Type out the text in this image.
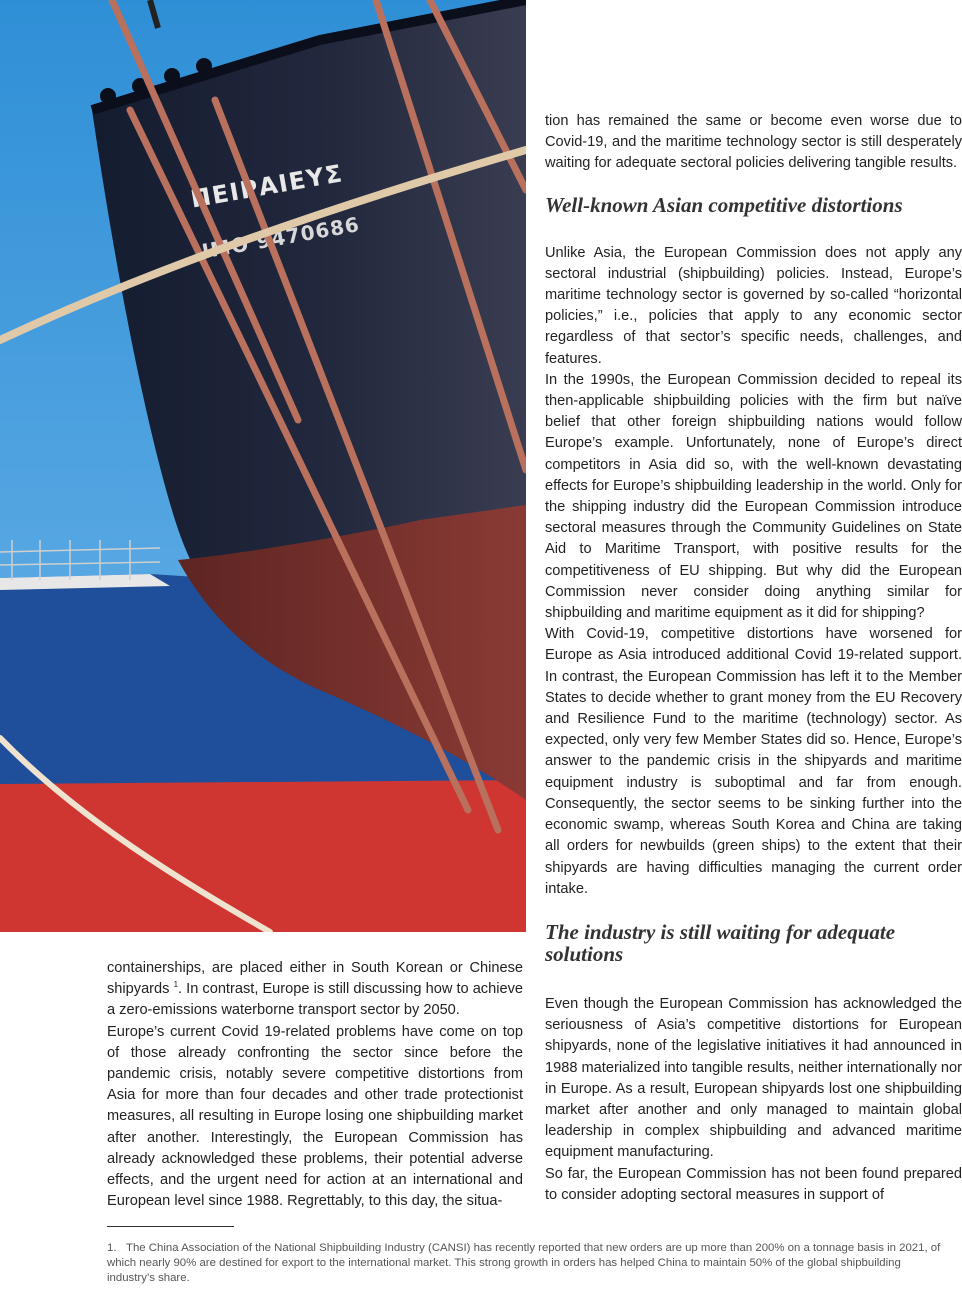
ΠΕΙΡΑΙΕΥΣ
IMO 9470686

tion has remained the same or become even worse due to Covid-19, and the maritime technology sector is still desperately waiting for adequate sectoral policies delivering tangible results.

Well-known Asian competitive distortions

Unlike Asia, the European Commission does not apply any sectoral industrial (shipbuilding) policies. Instead, Europe’s maritime technology sector is governed by so-called “horizontal policies,” i.e., policies that apply to any economic sector regardless of that sector’s specific needs, challenges, and features.

In the 1990s, the European Commission decided to repeal its then-applicable shipbuilding policies with the firm but naïve belief that other foreign shipbuilding nations would follow Europe’s example. Unfortunately, none of Europe’s direct competitors in Asia did so, with the well-known devastating effects for Europe’s shipbuilding leadership in the world. Only for the shipping industry did the European Commission introduce sectoral measures through the Community Guidelines on State Aid to Maritime Transport, with positive results for the competitiveness of EU shipping. But why did the European Commission never consider doing anything similar for shipbuilding and maritime equipment as it did for shipping?

With Covid-19, competitive distortions have worsened for Europe as Asia introduced additional Covid 19-related support. In contrast, the European Commission has left it to the Member States to decide whether to grant money from the EU Recovery and Resilience Fund to the maritime (technology) sector. As expected, only very few Member States did so. Hence, Europe’s answer to the pandemic crisis in the shipyards and maritime equipment industry is suboptimal and far from enough. Consequently, the sector seems to be sinking further into the economic swamp, whereas South Korea and China are taking all orders for newbuilds (green ships) to the extent that their shipyards are having difficulties managing the current order intake.

The industry is still waiting for adequate solutions

Even though the European Commission has acknowledged the seriousness of Asia’s competitive distortions for European shipyards, none of the legislative initiatives it had announced in 1988 materialized into tangible results, neither internationally nor in Europe. As a result, European shipyards lost one shipbuilding market after another and only managed to maintain global leadership in complex shipbuilding and advanced maritime equipment manufacturing.

So far, the European Commission has not been found prepared to consider adopting sectoral measures in support of

containerships, are placed either in South Korean or Chinese shipyards $^1$. In contrast, Europe is still discussing how to achieve a zero-emissions waterborne transport sector by 2050.

Europe’s current Covid 19-related problems have come on top of those already confronting the sector since before the pandemic crisis, notably severe competitive distortions from Asia for more than four decades and other trade protectionist measures, all resulting in Europe losing one shipbuilding market after another. Interestingly, the European Commission has already acknowledged these problems, their potential adverse effects, and the urgent need for action at an international and European level since 1988. Regrettably, to this day, the situa-

1. The China Association of the National Shipbuilding Industry (CANSI) has recently reported that new orders are up more than 200% on a tonnage basis in 2021, of which nearly 90% are destined for export to the international market. This strong growth in orders has helped China to maintain 50% of the global shipbuilding industry’s share.
